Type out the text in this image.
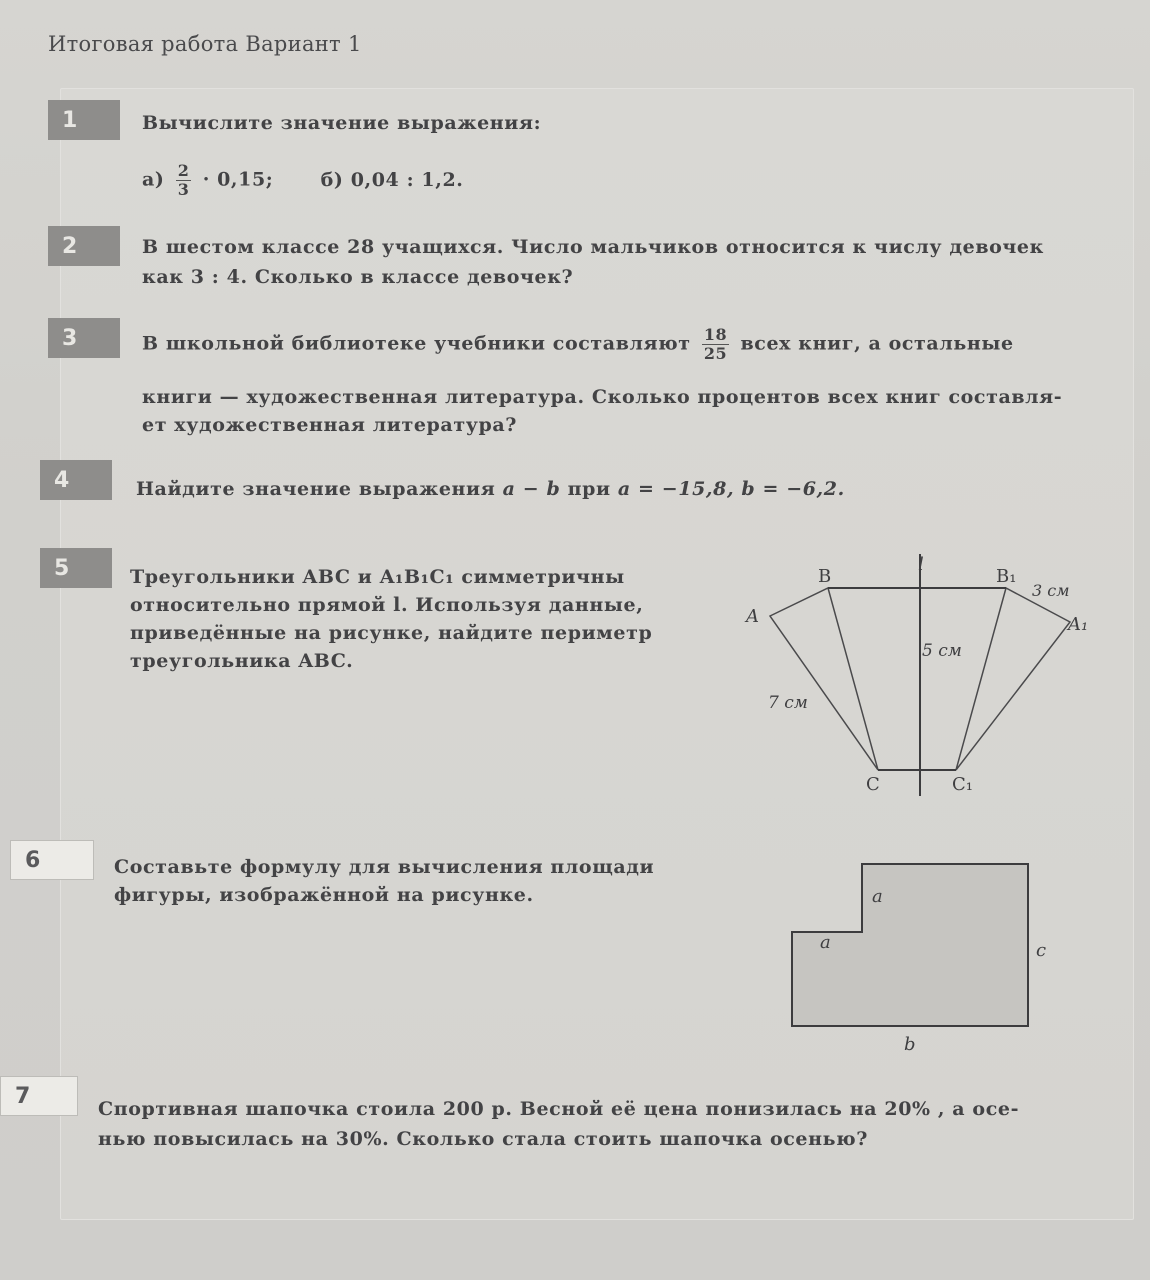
Итоговая работа Вариант 1
1	Вычислите значение выражения:
$а) \frac{2}{3} \cdot 0,15$; б) 0,04 : 1,2.
2	В шестом классе 28 учащихся. Число мальчиков относится к числу девочек
как 3 : 4. Сколько в классе девочек?
3	В школьной библиотеке учебники составляют $\frac{18}{25}$ всех книг, а остальные
книги — художественная литература. Сколько процентов всех книг составля-
ет художественная литература?
4	Найдите значение выражения a − b при a = −15,8, b = −6,2.
5	Треугольники ABC и A₁B₁C₁ симметричны
относительно прямой l. Используя данные,
приведённые на рисунке, найдите периметр
треугольника ABC.
l
B	B₁
A	A₁
C	C₁
3 см
5 см
7 см
6	Составьте формулу для вычисления площади
фигуры, изображённой на рисунке.	a
a	c
b
7
Спортивная шапочка стоила 200 р. Весной её цена понизилась на 20% , а осе-
нью повысилась на 30%. Сколько стала стоить шапочка осенью?
